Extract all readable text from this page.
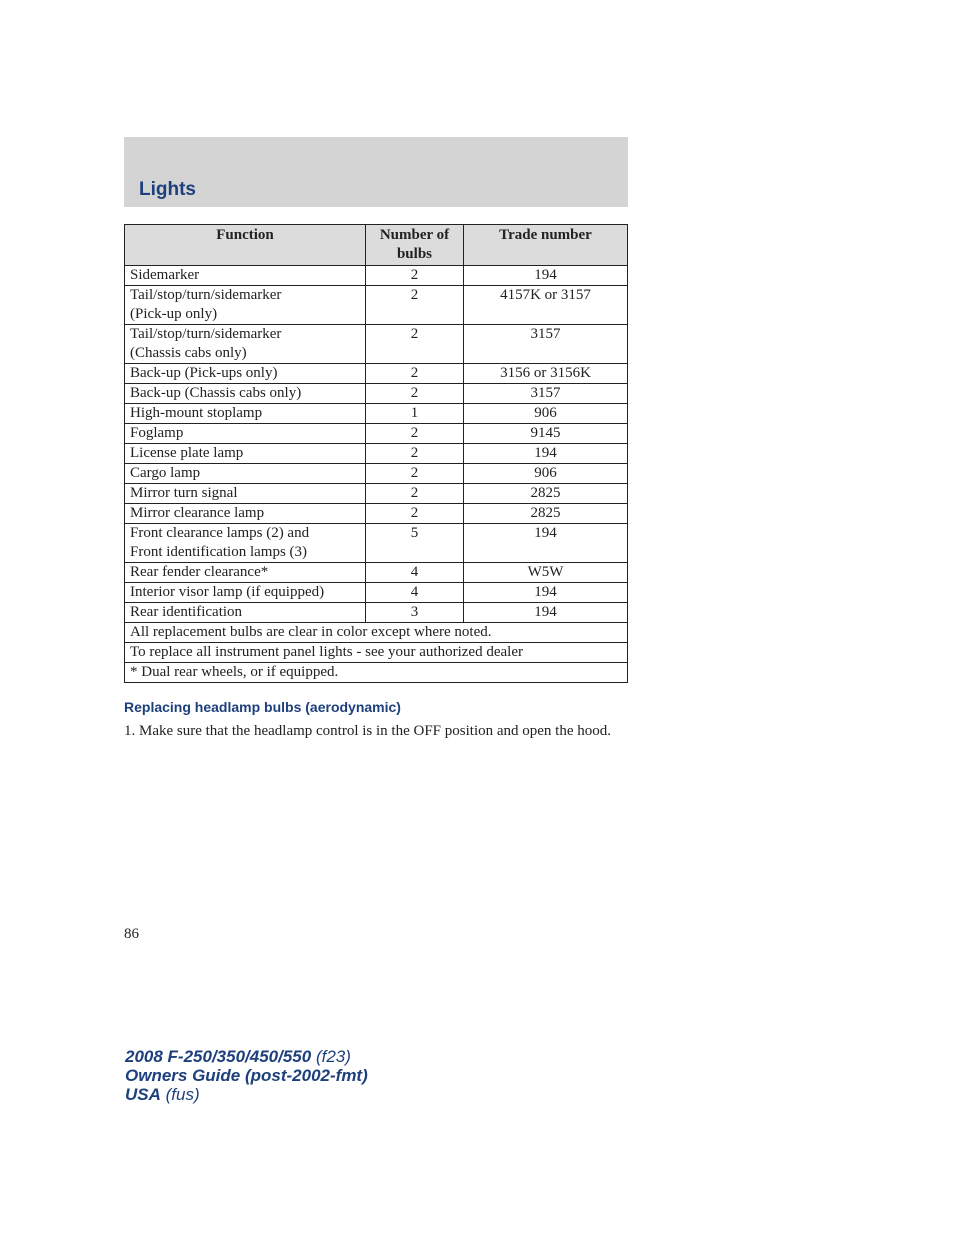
Lights
Function	Number of bulbs	Trade number

Sidemarker	2	194

Tail/stop/turn/sidemarker
(Pick-up only)	2	4157K or 3157

Tail/stop/turn/sidemarker
(Chassis cabs only)	2	3157

Back-up (Pick-ups only)	2	3156 or 3156K

Back-up (Chassis cabs only)	2	3157

High-mount stoplamp	1	906

Foglamp	2	9145

License plate lamp	2	194

Cargo lamp	2	906

Mirror turn signal	2	2825

Mirror clearance lamp	2	2825

Front clearance lamps (2) and
Front identification lamps (3)	5	194

Rear fender clearance*	4	W5W

Interior visor lamp (if equipped)	4	194

Rear identification	3	194
All replacement bulbs are clear in color except where noted.		
To replace all instrument panel lights - see your authorized dealer		
* Dual rear wheels, or if equipped.		
Replacing headlamp bulbs (aerodynamic)
1. Make sure that the headlamp control is in the OFF position and open the hood.
86
2008 F-250/350/450/550 (f23)
Owners Guide (post-2002-fmt)
USA (fus)
